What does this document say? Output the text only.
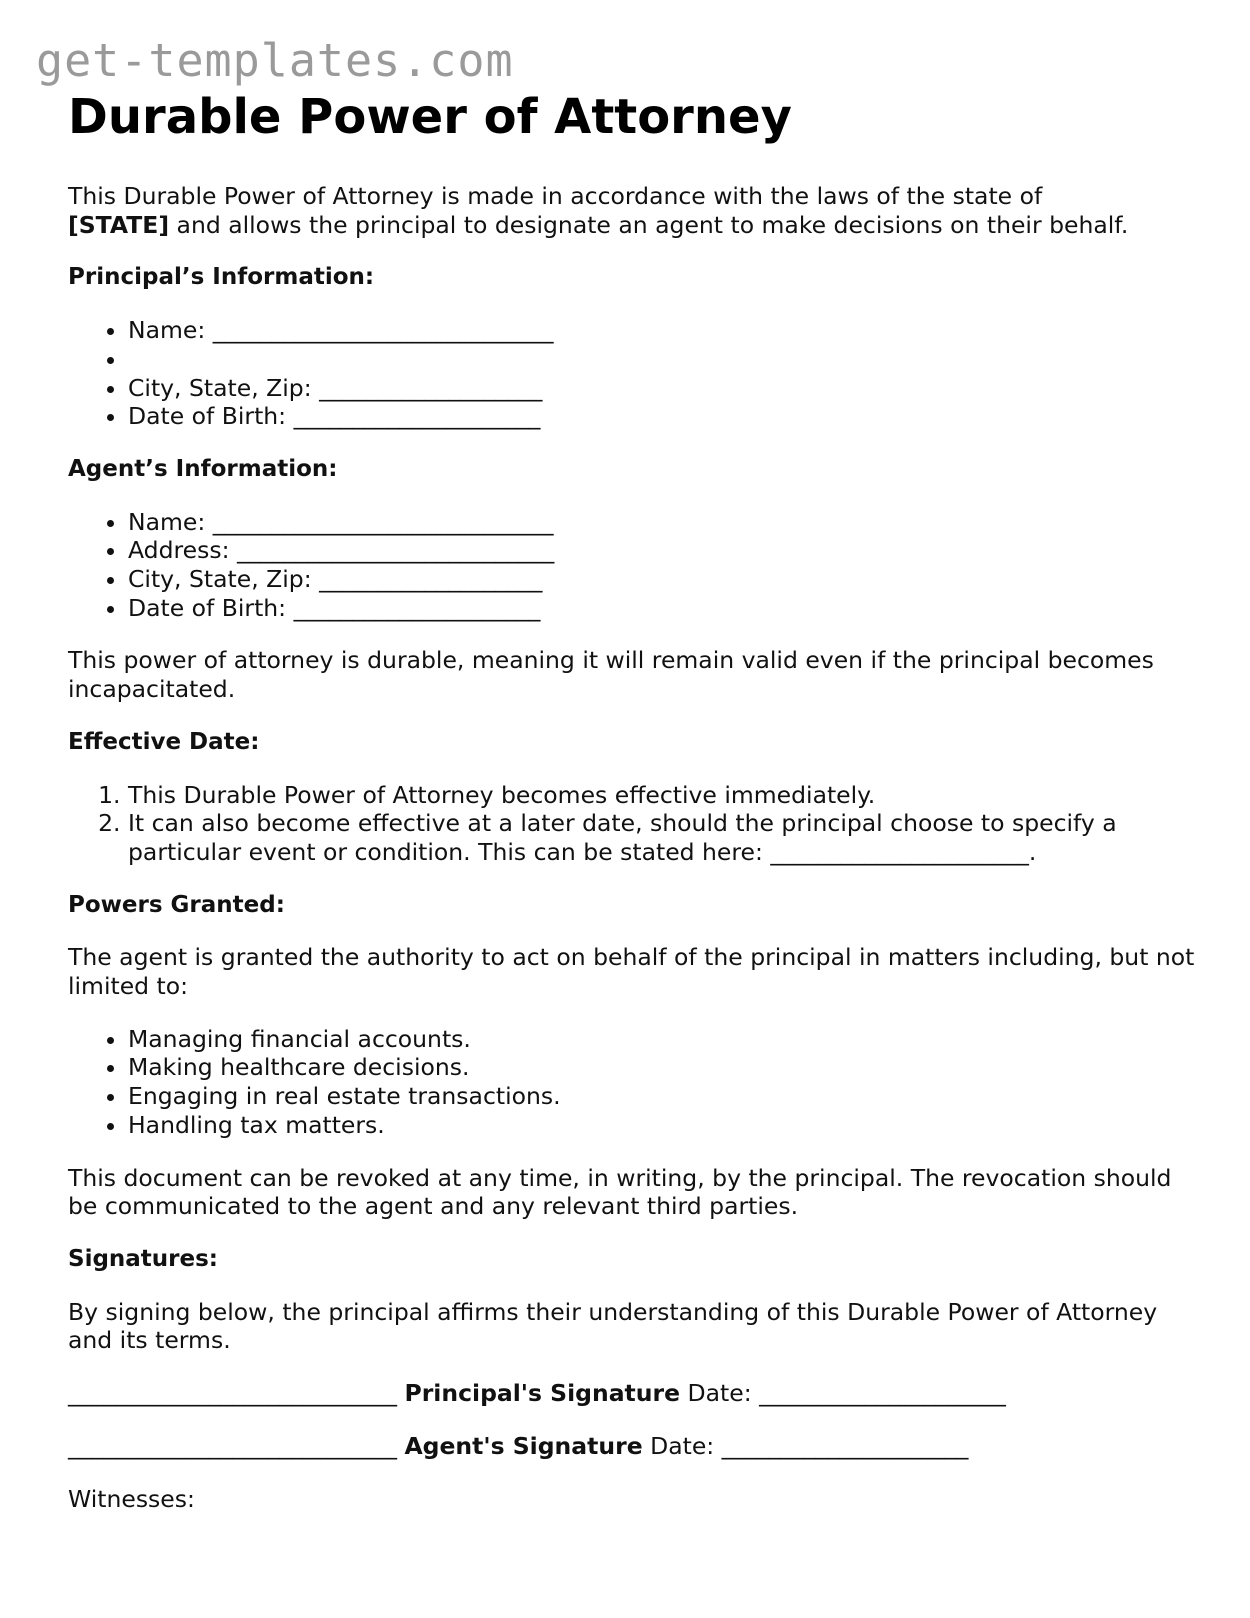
get-templates.com
Durable Power of Attorney

This Durable Power of Attorney is made in accordance with the laws of the state of
[STATE] and allows the principal to designate an agent to make decisions on their behalf.

Principal’s Information:
• Name: _____________________________
•
• City, State, Zip: ___________________
• Date of Birth: _____________________
Agent’s Information:
• Name: _____________________________
• Address: ___________________________
• City, State, Zip: ___________________
• Date of Birth: _____________________

This power of attorney is durable, meaning it will remain valid even if the principal becomes incapacitated.

Effective Date:
1. This Durable Power of Attorney becomes effective immediately.
2. It can also become effective at a later date, should the principal choose to specify a particular event or condition. This can be stated here: ______________________.
Powers Granted:

The agent is granted the authority to act on behalf of the principal in matters including, but not limited to:

• Managing financial accounts.
• Making healthcare decisions.
• Engaging in real estate transactions.
• Handling tax matters.

This document can be revoked at any time, in writing, by the principal. The revocation should be communicated to the agent and any relevant third parties.

Signatures:

By signing below, the principal affirms their understanding of this Durable Power of Attorney and its terms.

____________________________ Principal's Signature Date: _____________________

____________________________ Agent's Signature Date: _____________________

Witnesses:
